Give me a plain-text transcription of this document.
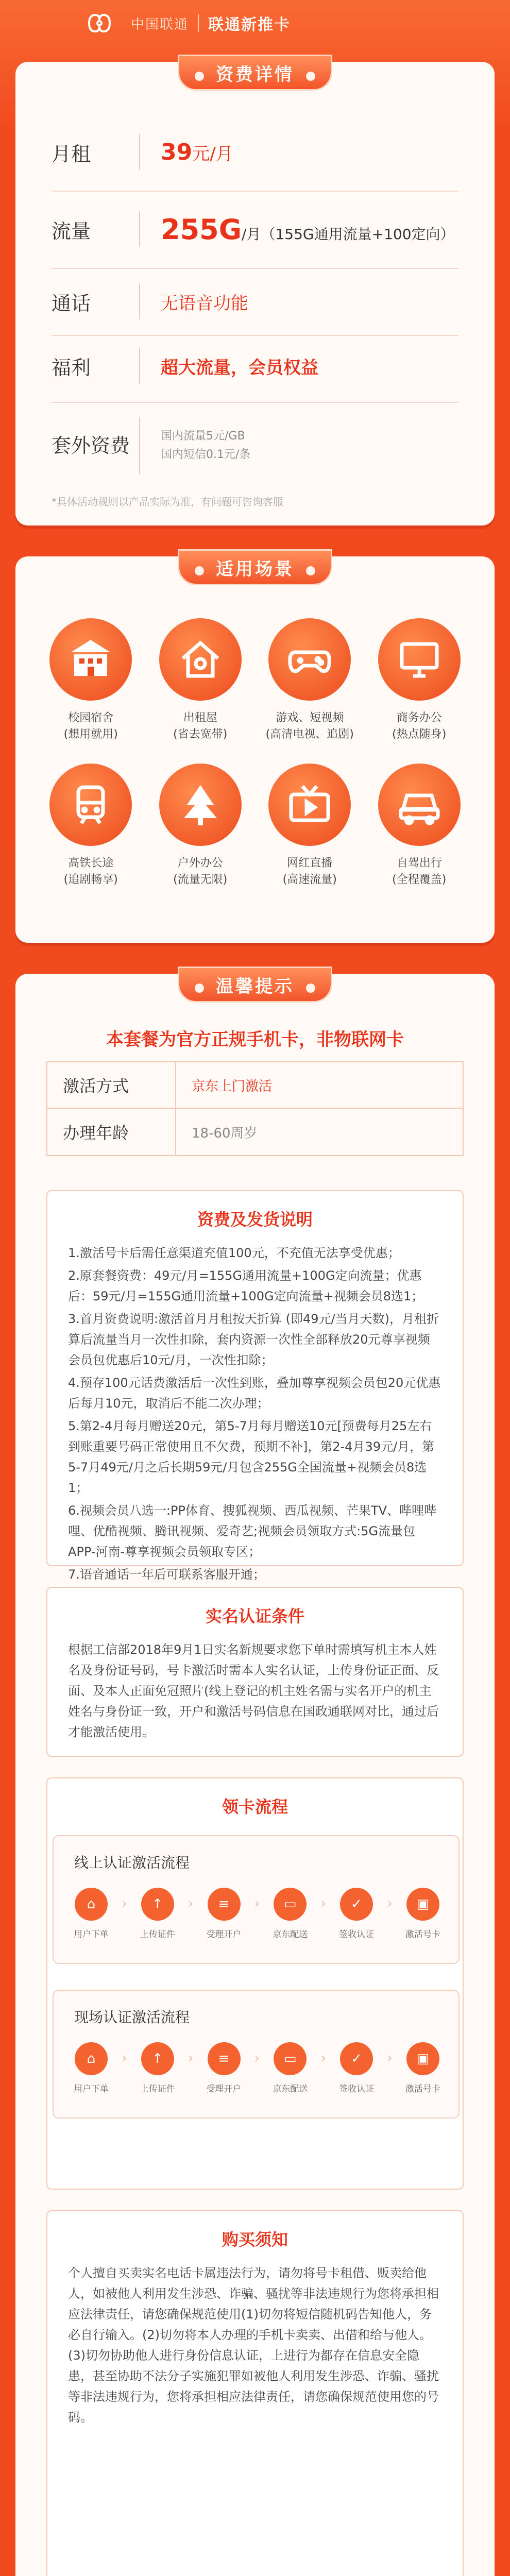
中国联通 联通新推卡
资费详情
月租	39元/月
流量	255G/月（155G通用流量+100定向）
通话	无语音功能
福利	超大流量，会员权益
套外资费	国内流量5元/GB
国内短信0.1元/条
*具体活动规则以产品实际为准，有问题可咨询客服
适用场景
校园宿舍
(想用就用)
出租屋
(省去宽带)
游戏、短视频
(高清电视、追剧)
商务办公
(热点随身)
高铁长途
(追剧畅享)
户外办公
(流量无限)
网红直播
(高速流量)
自驾出行
(全程覆盖)
温馨提示
本套餐为官方正规手机卡，非物联网卡
激活方式	京东上门激活
办理年龄	18-60周岁
资费及发货说明

1.激活号卡后需任意渠道充值100元，不充值无法享受优惠；

2.原套餐资费：49元/月=155G通用流量+100G定向流量；优惠后：59元/月=155G通用流量+100G定向流量+视频会员8选1；

3.首月资费说明:激活首月月租按天折算 (即49元/当月天数)，月租折算后流量当月一次性扣除，套内资源一次性全部释放20元尊享视频会员包优惠后10元/月，一次性扣除；

4.预存100元话费激活后一次性到账，叠加尊享视频会员包20元优惠后每月10元，取消后不能二次办理；

5.第2-4月每月赠送20元，第5-7月每月赠送10元[预费每月25左右到账重要号码正常使用且不欠费，预期不补]，第2-4月39元/月，第5-7月49元/月之后长期59元/月包含255G全国流量+视频会员8选1；

6.视频会员八选一:PP体育、搜狐视频、西瓜视频、芒果TV、哔哩哔哩、优酷视频、腾讯视频、爱奇艺;视频会员领取方式:5G流量包APP-河南-尊享视频会员领取专区；

7.语音通话一年后可联系客服开通；

实名认证条件

根据工信部2018年9月1日实名新规要求您下单时需填写机主本人姓名及身份证号码，号卡激活时需本人实名认证，上传身份证正面、反面、及本人正面免冠照片(线上登记的机主姓名需与实名开户的机主姓名与身份证一致，开户和激活号码信息在国政通联网对比，通过后才能激活使用。

领卡流程
线上认证激活流程
⌂
用户下单
›	↑
上传证件
›	≡
受理开户
›	▭
京东配送
›	✓
签收认证
›	▣
激活号卡
现场认证激活流程
⌂
用户下单
›	↑
上传证件
›	≡
受理开户
›	▭
京东配送
›	✓
签收认证
›	▣
激活号卡
购买须知

个人擅自买卖实名电话卡属违法行为，请勿将号卡租借、贩卖给他人，如被他人利用发生涉恐、诈骗、骚扰等非法违规行为您将承担相应法律责任，请您确保规范使用(1)切勿将短信随机码告知他人，务必自行输入。(2)切勿将本人办理的手机卡卖卖、出借和给与他人。(3)切勿协助他人进行身份信息认证，上进行为都存在信息安全隐患，甚至协助不法分子实施犯罪如被他人利用发生涉恐、诈骗、骚扰等非法违规行为，您将承担相应法律责任，请您确保规范使用您的号码。
